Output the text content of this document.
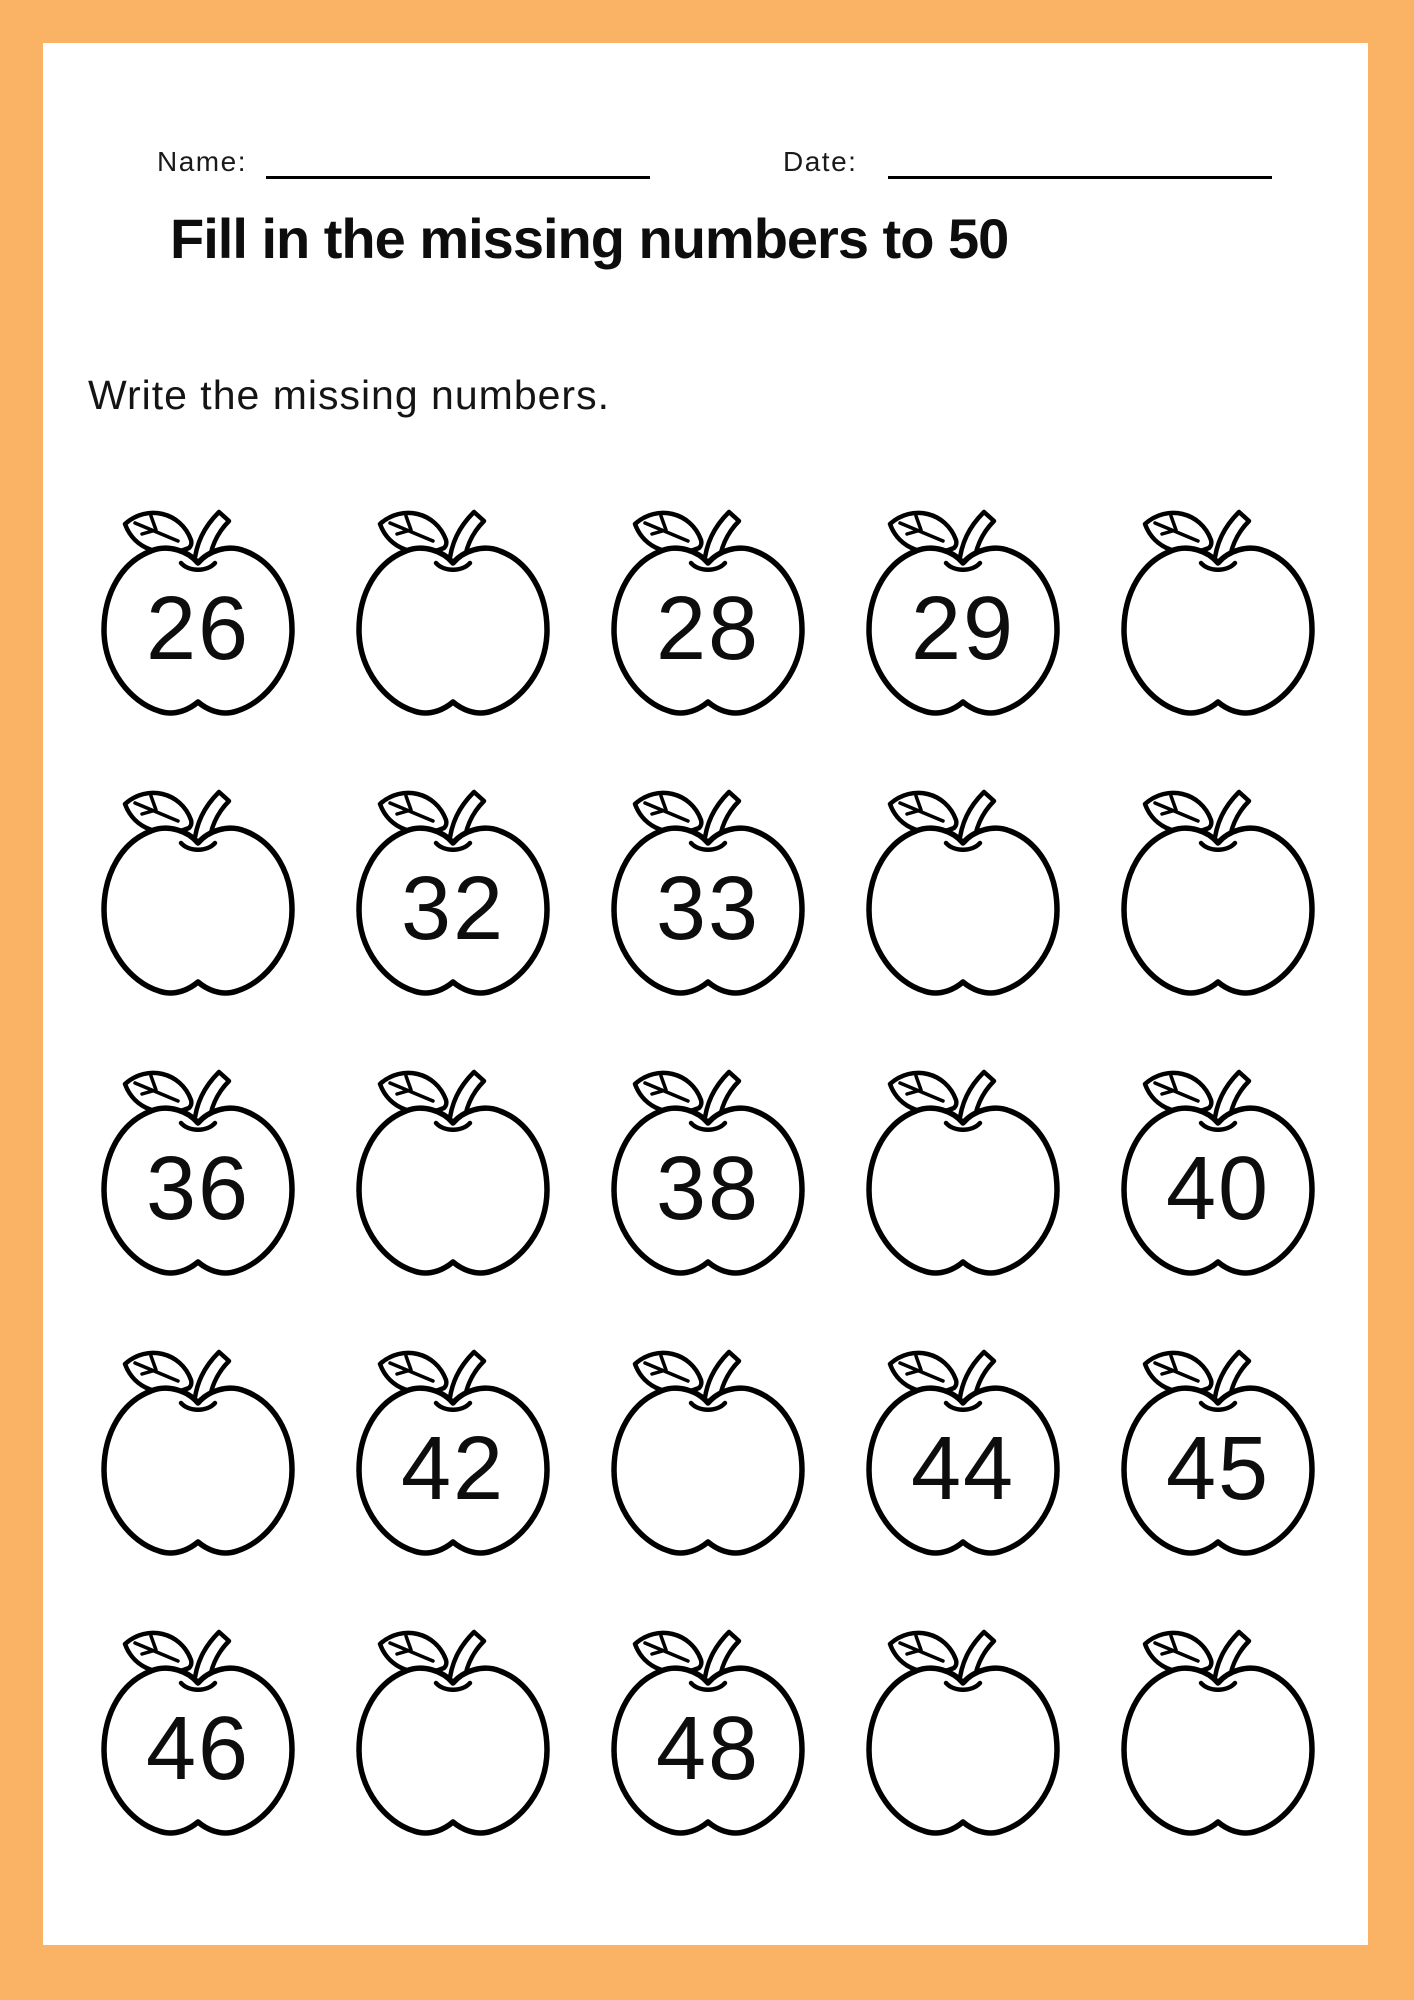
Name:	Date:
Fill in the missing numbers to 50
Write the missing numbers.
26	28	29
32	33
36	38	40
42	44	45
46	48
